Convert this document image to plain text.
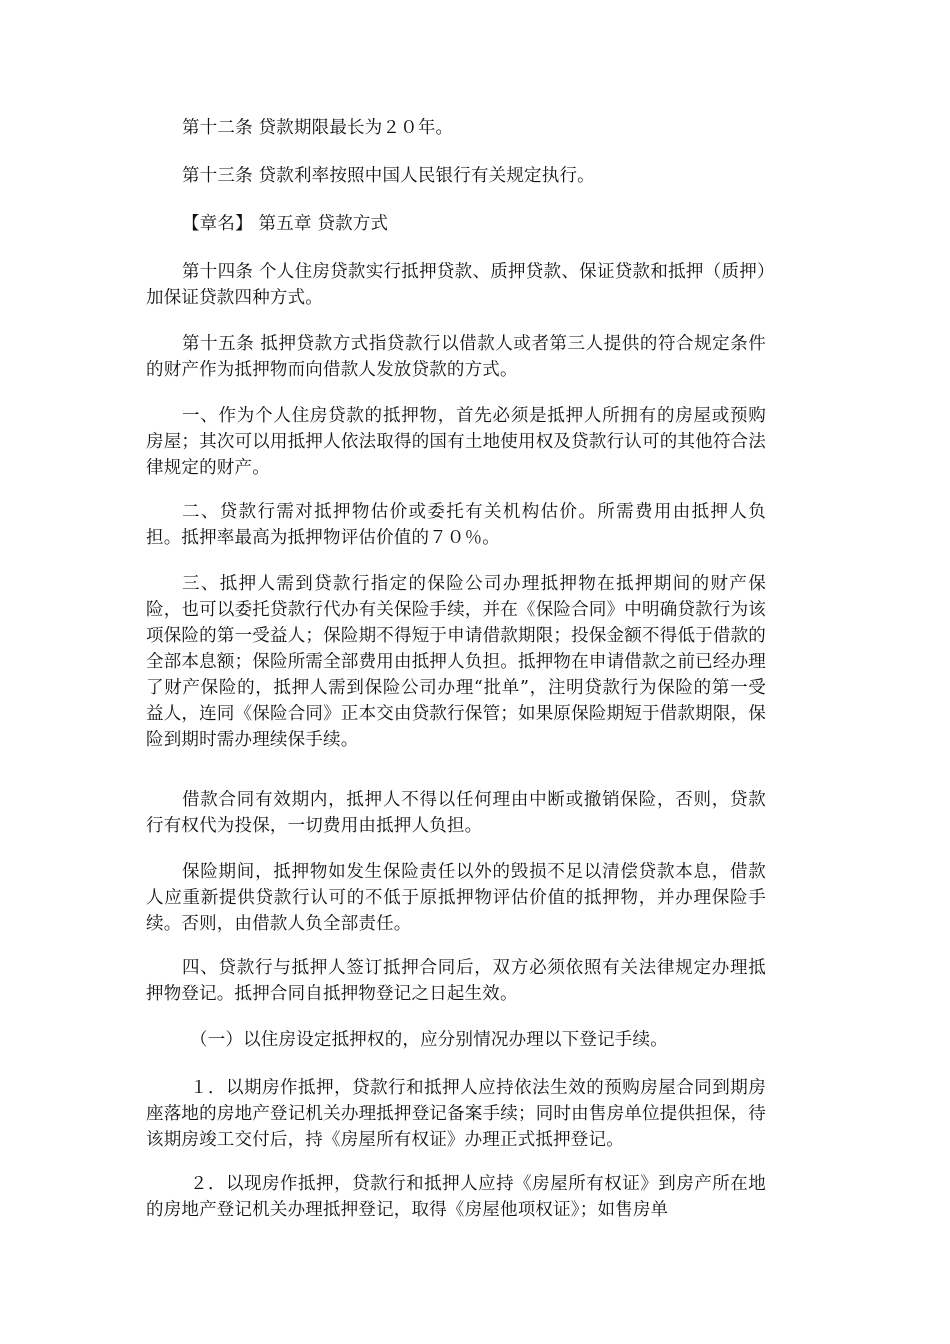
第十二条 贷款期限最长为２０年。

第十三条 贷款利率按照中国人民银行有关规定执行。

【章名】 第五章 贷款方式

第十四条 个人住房贷款实行抵押贷款、质押贷款、保证贷款和抵押（质押）加保证贷款四种方式。

第十五条 抵押贷款方式指贷款行以借款人或者第三人提供的符合规定条件的财产作为抵押物而向借款人发放贷款的方式。

一、作为个人住房贷款的抵押物，首先必须是抵押人所拥有的房屋或预购房屋；其次可以用抵押人依法取得的国有土地使用权及贷款行认可的其他符合法律规定的财产。

二、贷款行需对抵押物估价或委托有关机构估价。所需费用由抵押人负担。抵押率最高为抵押物评估价值的７０％。

三、抵押人需到贷款行指定的保险公司办理抵押物在抵押期间的财产保险，也可以委托贷款行代办有关保险手续，并在《保险合同》中明确贷款行为该项保险的第一受益人；保险期不得短于申请借款期限；投保金额不得低于借款的全部本息额；保险所需全部费用由抵押人负担。抵押物在申请借款之前已经办理了财产保险的，抵押人需到保险公司办理“批单”，注明贷款行为保险的第一受益人，连同《保险合同》正本交由贷款行保管；如果原保险期短于借款期限，保险到期时需办理续保手续。

借款合同有效期内，抵押人不得以任何理由中断或撤销保险，否则，贷款行有权代为投保，一切费用由抵押人负担。

保险期间，抵押物如发生保险责任以外的毁损不足以清偿贷款本息，借款人应重新提供贷款行认可的不低于原抵押物评估价值的抵押物，并办理保险手续。否则，由借款人负全部责任。

四、贷款行与抵押人签订抵押合同后，双方必须依照有关法律规定办理抵押物登记。抵押合同自抵押物登记之日起生效。

（一）以住房设定抵押权的，应分别情况办理以下登记手续。

１．以期房作抵押，贷款行和抵押人应持依法生效的预购房屋合同到期房座落地的房地产登记机关办理抵押登记备案手续；同时由售房单位提供担保，待该期房竣工交付后，持《房屋所有权证》办理正式抵押登记。

２．以现房作抵押，贷款行和抵押人应持《房屋所有权证》到房产所在地的房地产登记机关办理抵押登记，取得《房屋他项权证》；如售房单
